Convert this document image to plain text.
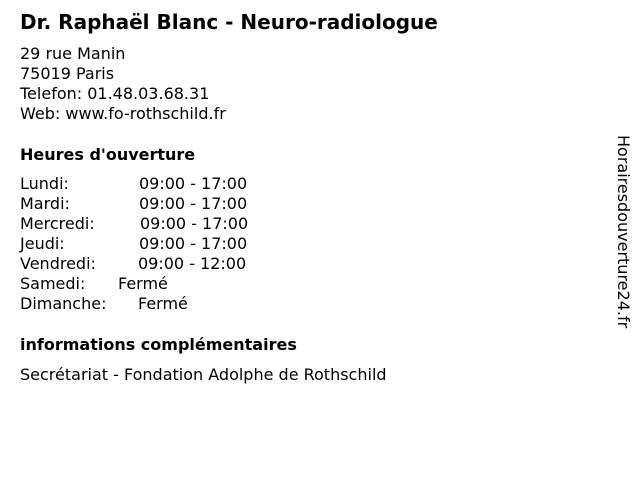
Dr. Raphaël Blanc - Neuro-radiologue
29 rue Manin
75019 Paris
Telefon: 01.48.03.68.31
Web: www.fo-rothschild.fr
Heures d'ouverture
Lundi:	09:00 - 17:00
Mardi:	09:00 - 17:00
Mercredi:	09:00 - 17:00
Jeudi:	09:00 - 17:00
Vendredi:	09:00 - 12:00
Samedi: Fermé
Dimanche: Fermé
informations complémentaires
Secrétariat - Fondation Adolphe de Rothschild
Horairesdouverture24.fr
